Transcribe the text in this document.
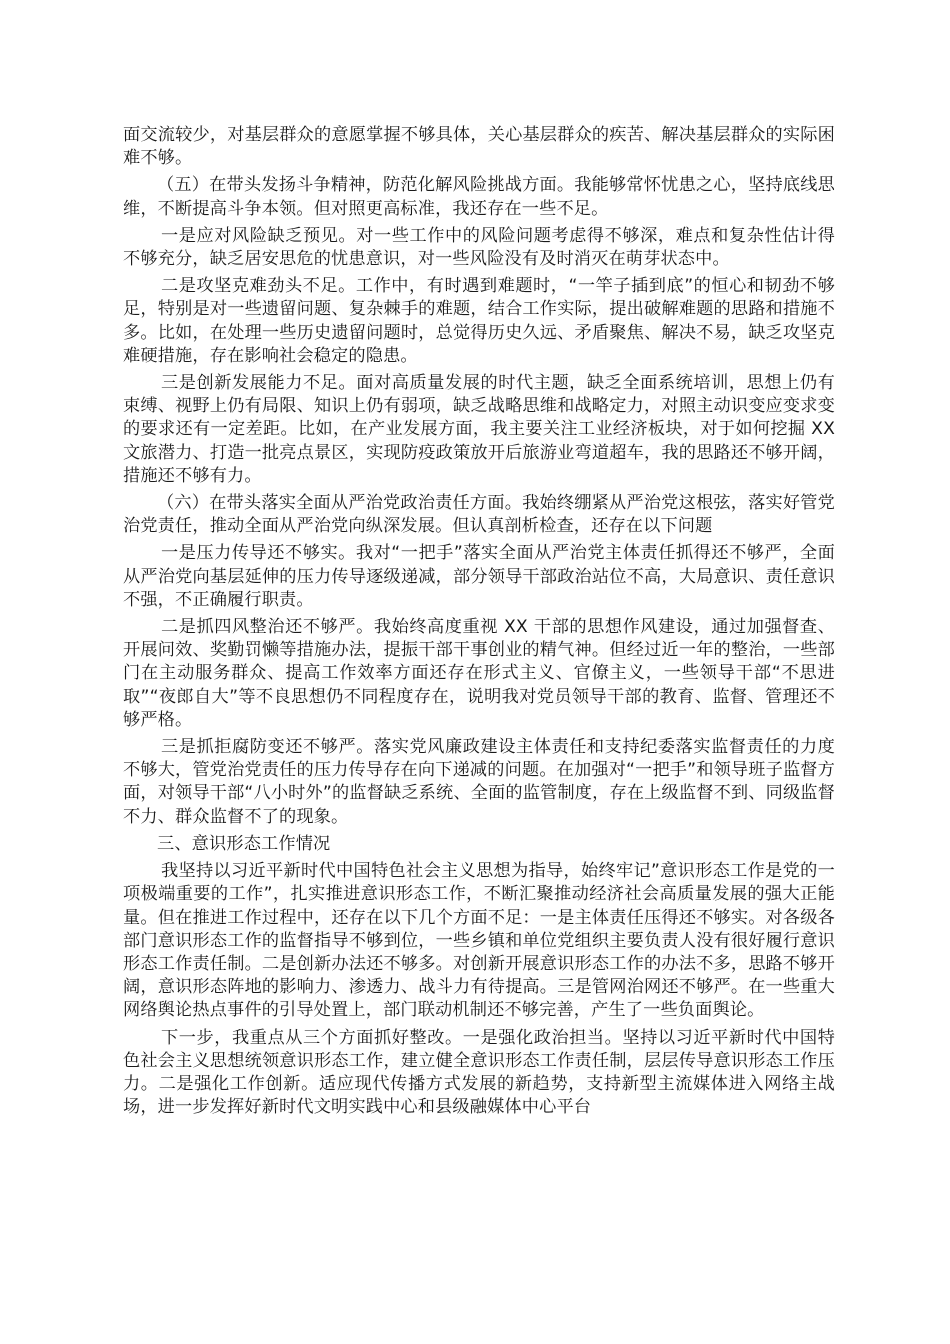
面交流较少，对基层群众的意愿掌握不够具体，关心基层群众的疾苦、解决基层群众的实际困难不够。

（五）在带头发扬斗争精神，防范化解风险挑战方面。我能够常怀忧患之心，坚持底线思维，不断提高斗争本领。但对照更高标准，我还存在一些不足。

一是应对风险缺乏预见。对一些工作中的风险问题考虑得不够深，难点和复杂性估计得不够充分，缺乏居安思危的忧患意识，对一些风险没有及时消灭在萌芽状态中。

二是攻坚克难劲头不足。工作中，有时遇到难题时，“一竿子插到底”的恒心和韧劲不够足，特别是对一些遗留问题、复杂棘手的难题，结合工作实际，提出破解难题的思路和措施不多。比如，在处理一些历史遗留问题时，总觉得历史久远、矛盾聚焦、解决不易，缺乏攻坚克难硬措施，存在影响社会稳定的隐患。

三是创新发展能力不足。面对高质量发展的时代主题，缺乏全面系统培训，思想上仍有束缚、视野上仍有局限、知识上仍有弱项，缺乏战略思维和战略定力，对照主动识变应变求变的要求还有一定差距。比如，在产业发展方面，我主要关注工业经济板块，对于如何挖掘 XX 文旅潜力、打造一批亮点景区，实现防疫政策放开后旅游业弯道超车，我的思路还不够开阔，措施还不够有力。

（六）在带头落实全面从严治党政治责任方面。我始终绷紧从严治党这根弦，落实好管党治党责任，推动全面从严治党向纵深发展。但认真剖析检查，还存在以下问题

一是压力传导还不够实。我对“一把手”落实全面从严治党主体责任抓得还不够严，全面从严治党向基层延伸的压力传导逐级递减，部分领导干部政治站位不高，大局意识、责任意识不强，不正确履行职责。

二是抓四风整治还不够严。我始终高度重视 XX 干部的思想作风建设，通过加强督查、开展问效、奖勤罚懒等措施办法，提振干部干事创业的精气神。但经过近一年的整治，一些部门在主动服务群众、提高工作效率方面还存在形式主义、官僚主义，一些领导干部“不思进取”“夜郎自大”等不良思想仍不同程度存在，说明我对党员领导干部的教育、监督、管理还不够严格。

三是抓拒腐防变还不够严。落实党风廉政建设主体责任和支持纪委落实监督责任的力度不够大，管党治党责任的压力传导存在向下递减的问题。在加强对“一把手”和领导班子监督方面，对领导干部“八小时外”的监督缺乏系统、全面的监管制度，存在上级监督不到、同级监督不力、群众监督不了的现象。

三、意识形态工作情况

我坚持以习近平新时代中国特色社会主义思想为指导，始终牢记”意识形态工作是党的一项极端重要的工作”，扎实推进意识形态工作，不断汇聚推动经济社会高质量发展的强大正能量。但在推进工作过程中，还存在以下几个方面不足：一是主体责任压得还不够实。对各级各部门意识形态工作的监督指导不够到位，一些乡镇和单位党组织主要负责人没有很好履行意识形态工作责任制。二是创新办法还不够多。对创新开展意识形态工作的办法不多，思路不够开阔，意识形态阵地的影响力、渗透力、战斗力有待提高。三是管网治网还不够严。在一些重大网络舆论热点事件的引导处置上，部门联动机制还不够完善，产生了一些负面舆论。

下一步，我重点从三个方面抓好整改。一是强化政治担当。坚持以习近平新时代中国特色社会主义思想统领意识形态工作，建立健全意识形态工作责任制，层层传导意识形态工作压力。二是强化工作创新。适应现代传播方式发展的新趋势，支持新型主流媒体进入网络主战场，进一步发挥好新时代文明实践中心和县级融媒体中心平台
